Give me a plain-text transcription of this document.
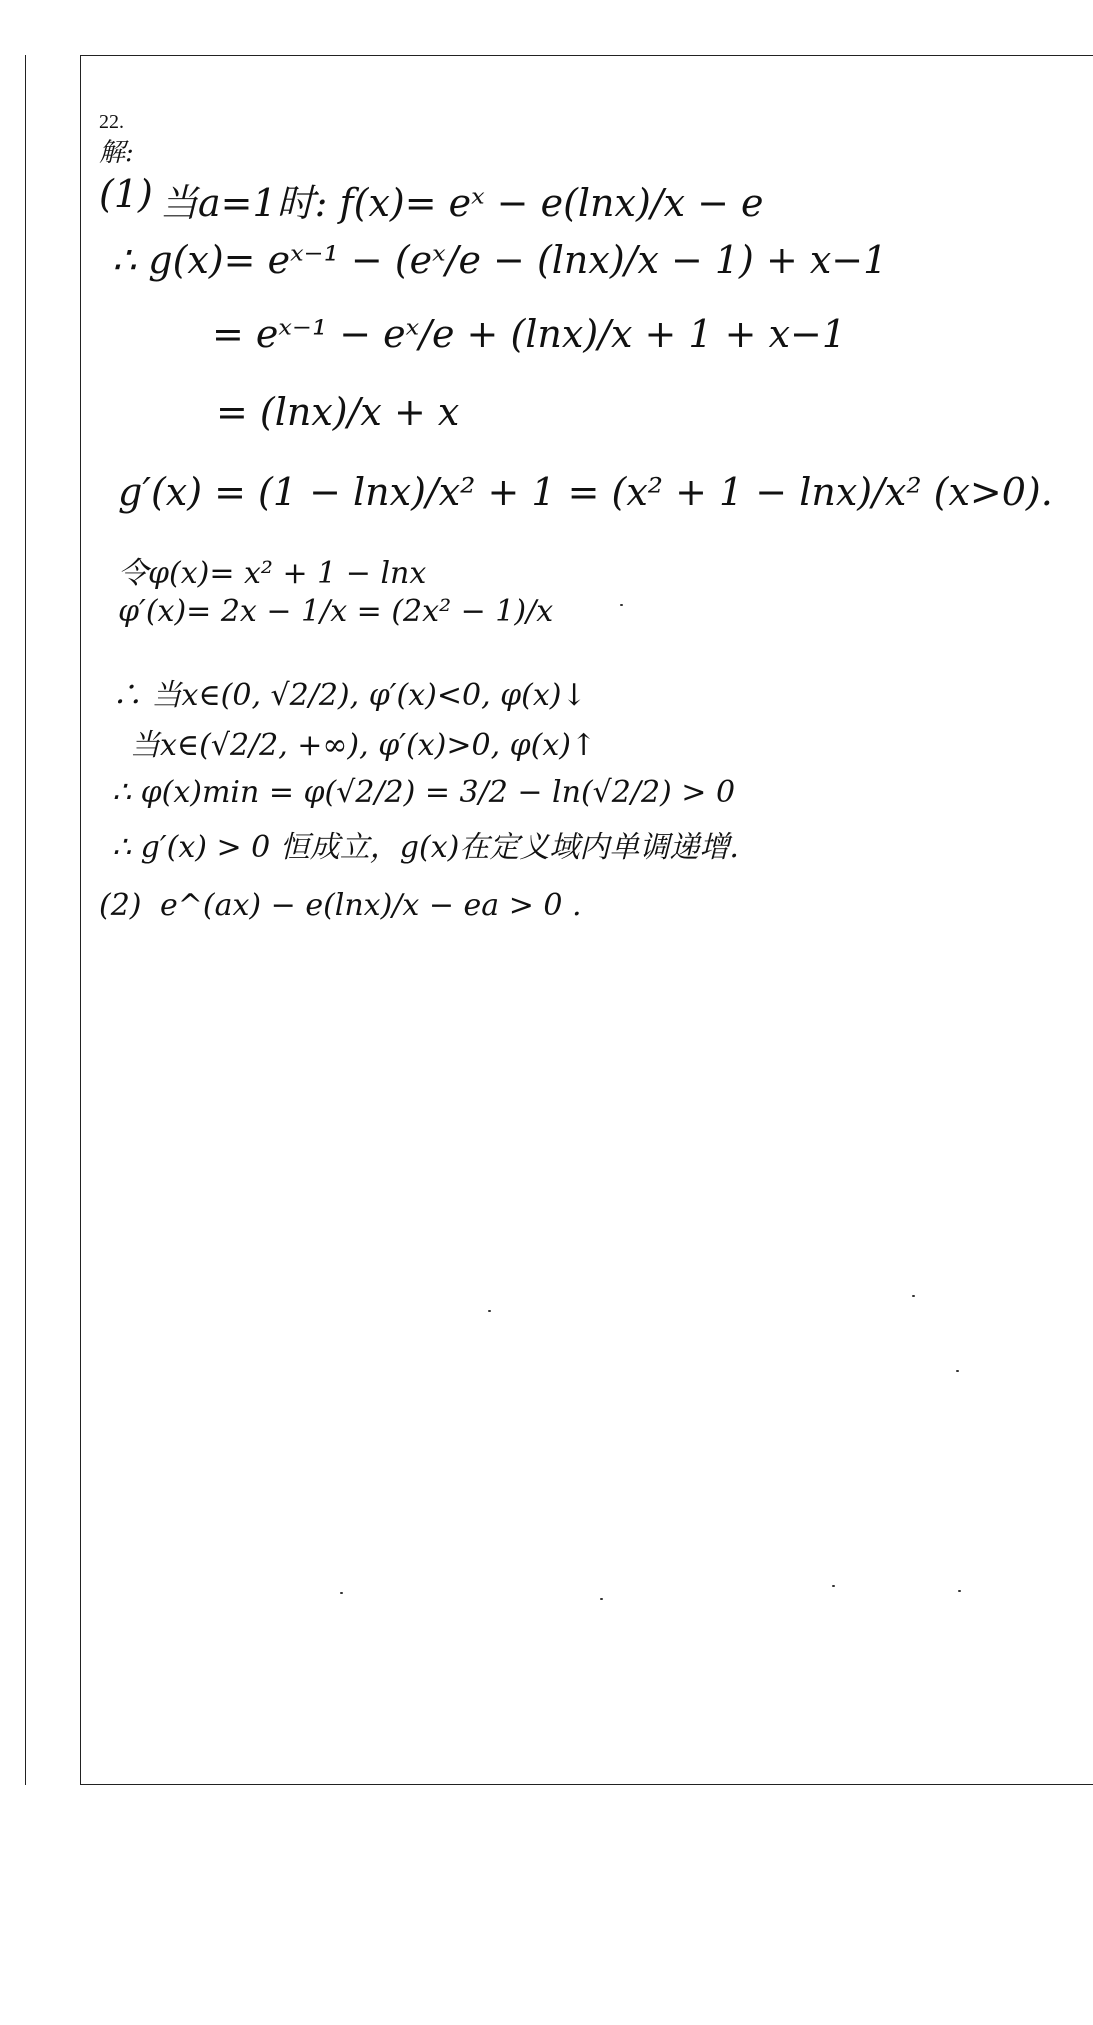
22.
解:
(1) 当a=1时: f(x)= eˣ − e(lnx)/x − e
∴ g(x)= eˣ⁻¹ − (eˣ/e − (lnx)/x − 1) + x−1
= eˣ⁻¹ − eˣ/e + (lnx)/x + 1 + x−1
= (lnx)/x + x
g′(x) = (1 − lnx)/x² + 1 = (x² + 1 − lnx)/x² (x>0).
令φ(x)= x² + 1 − lnx
φ′(x)= 2x − 1/x = (2x² − 1)/x
∴ 当x∈(0, √2/2), φ′(x)<0, φ(x)↓
当x∈(√2/2, +∞), φ′(x)>0, φ(x)↑
∴ φ(x)min = φ(√2/2) = 3/2 − ln(√2/2) > 0
∴ g′(x) > 0 恒成立，g(x)在定义域内单调递增.
(2) e^(ax) − e(lnx)/x − ea > 0 .
